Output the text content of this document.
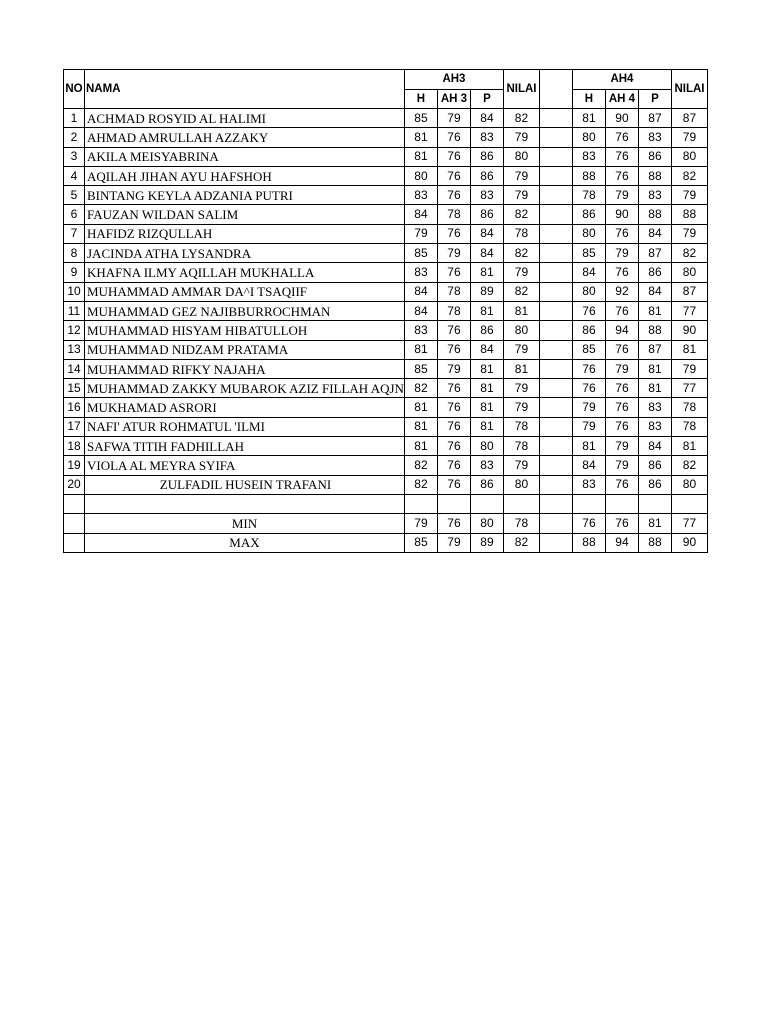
NO	NAMA	AH3			NILAI		AH4			NILAI
		H	AH 3	P			H	AH 4	P	
1	ACHMAD ROSYID AL HALIMI	85	79	84	82		81	90	87	87
2	AHMAD AMRULLAH AZZAKY	81	76	83	79		80	76	83	79
3	AKILA MEISYABRINA	81	76	86	80		83	76	86	80
4	AQILAH JIHAN AYU HAFSHOH	80	76	86	79		88	76	88	82
5	BINTANG KEYLA ADZANIA PUTRI	83	76	83	79		78	79	83	79
6	FAUZAN WILDAN SALIM	84	78	86	82		86	90	88	88
7	HAFIDZ RIZQULLAH	79	76	84	78		80	76	84	79
8	JACINDA ATHA LYSANDRA	85	79	84	82		85	79	87	82
9	KHAFNA ILMY AQILLAH MUKHALLA	83	76	81	79		84	76	86	80
10	MUHAMMAD AMMAR DA^I TSAQIIF	84	78	89	82		80	92	84	87
11	MUHAMMAD GEZ NAJIBBURROCHMAN	84	78	81	81		76	76	81	77
12	MUHAMMAD HISYAM HIBATULLOH	83	76	86	80		86	94	88	90
13	MUHAMMAD NIDZAM PRATAMA	81	76	84	79		85	76	87	81
14	MUHAMMAD RIFKY NAJAHA	85	79	81	81		76	79	81	79
15	MUHAMMAD ZAKKY MUBAROK AZIZ FILLAH AQJN	82	76	81	79		76	76	81	77
16	MUKHAMAD ASRORI	81	76	81	79		79	76	83	78
17	NAFI' ATUR ROHMATUL 'ILMI	81	76	81	78		79	76	83	78
18	SAFWA TITIH FADHILLAH	81	76	80	78		81	79	84	81
19	VIOLA AL MEYRA SYIFA	82	76	83	79		84	79	86	82
20	ZULFADIL HUSEIN TRAFANI	82	76	86	80		83	76	86	80

	MIN	79	76	80	78		76	76	81	77
	MAX	85	79	89	82		88	94	88	90
